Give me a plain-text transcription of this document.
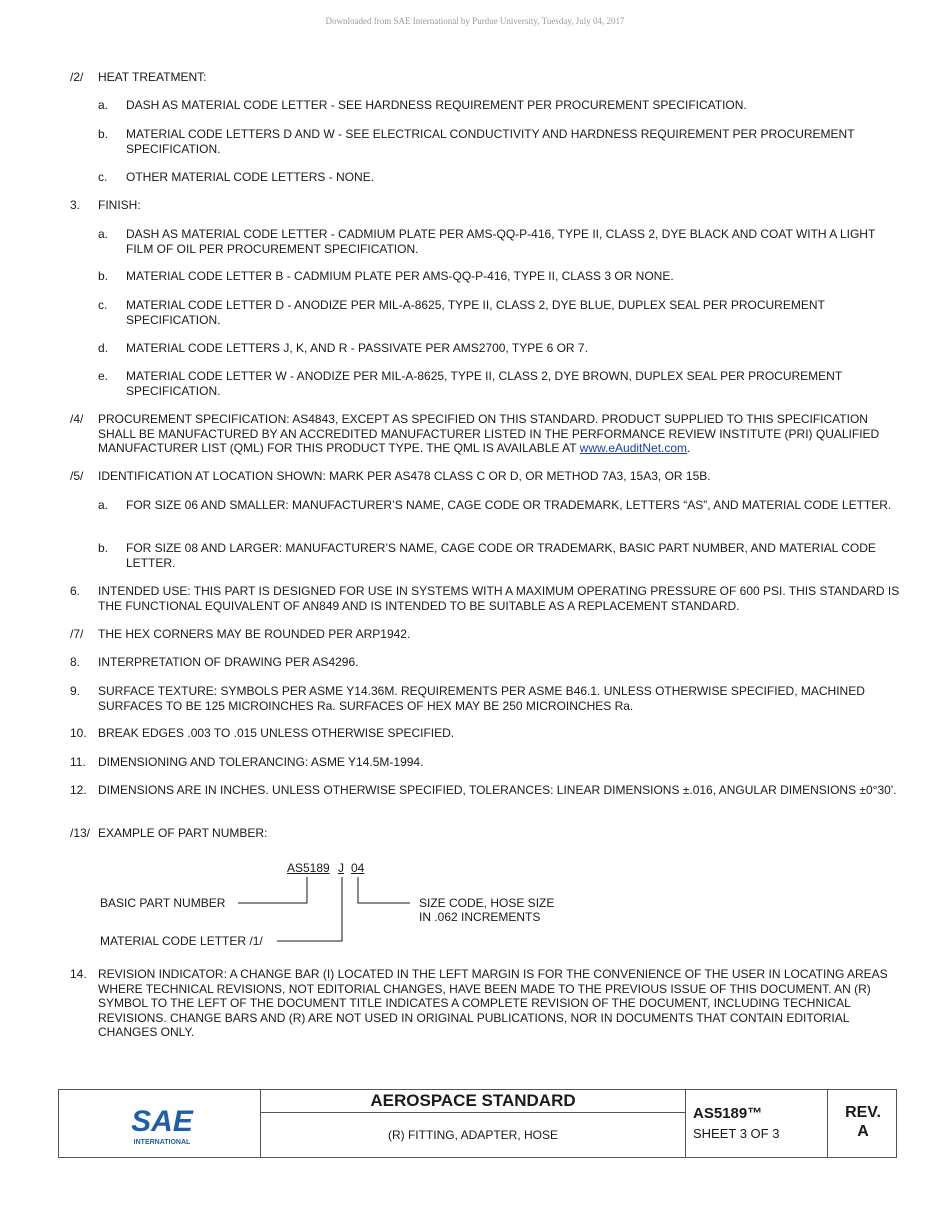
Downloaded from SAE International by Purdue University, Tuesday, July 04, 2017
/2/ HEAT TREATMENT:
a. DASH AS MATERIAL CODE LETTER - SEE HARDNESS REQUIREMENT PER PROCUREMENT SPECIFICATION.
b. MATERIAL CODE LETTERS D AND W - SEE ELECTRICAL CONDUCTIVITY AND HARDNESS REQUIREMENT PER PROCUREMENT SPECIFICATION.
c. OTHER MATERIAL CODE LETTERS - NONE.
3. FINISH:
a. DASH AS MATERIAL CODE LETTER - CADMIUM PLATE PER AMS-QQ-P-416, TYPE II, CLASS 2, DYE BLACK AND COAT WITH A LIGHT FILM OF OIL PER PROCUREMENT SPECIFICATION.
b. MATERIAL CODE LETTER B - CADMIUM PLATE PER AMS-QQ-P-416, TYPE II, CLASS 3 OR NONE.
c. MATERIAL CODE LETTER D - ANODIZE PER MIL-A-8625, TYPE II, CLASS 2, DYE BLUE, DUPLEX SEAL PER PROCUREMENT SPECIFICATION.
d. MATERIAL CODE LETTERS J, K, AND R - PASSIVATE PER AMS2700, TYPE 6 OR 7.
e. MATERIAL CODE LETTER W - ANODIZE PER MIL-A-8625, TYPE II, CLASS 2, DYE BROWN, DUPLEX SEAL PER PROCUREMENT SPECIFICATION.
/4/ PROCUREMENT SPECIFICATION: AS4843, EXCEPT AS SPECIFIED ON THIS STANDARD. PRODUCT SUPPLIED TO THIS SPECIFICATION SHALL BE MANUFACTURED BY AN ACCREDITED MANUFACTURER LISTED IN THE PERFORMANCE REVIEW INSTITUTE (PRI) QUALIFIED MANUFACTURER LIST (QML) FOR THIS PRODUCT TYPE. THE QML IS AVAILABLE AT www.eAuditNet.com.
/5/ IDENTIFICATION AT LOCATION SHOWN: MARK PER AS478 CLASS C OR D, OR METHOD 7A3, 15A3, OR 15B.
a. FOR SIZE 06 AND SMALLER: MANUFACTURER’S NAME, CAGE CODE OR TRADEMARK, LETTERS “AS”, AND MATERIAL CODE LETTER.
b. FOR SIZE 08 AND LARGER: MANUFACTURER’S NAME, CAGE CODE OR TRADEMARK, BASIC PART NUMBER, AND MATERIAL CODE LETTER.
6. INTENDED USE: THIS PART IS DESIGNED FOR USE IN SYSTEMS WITH A MAXIMUM OPERATING PRESSURE OF 600 PSI. THIS STANDARD IS THE FUNCTIONAL EQUIVALENT OF AN849 AND IS INTENDED TO BE SUITABLE AS A REPLACEMENT STANDARD.
/7/ THE HEX CORNERS MAY BE ROUNDED PER ARP1942.
8. INTERPRETATION OF DRAWING PER AS4296.
9. SURFACE TEXTURE: SYMBOLS PER ASME Y14.36M. REQUIREMENTS PER ASME B46.1. UNLESS OTHERWISE SPECIFIED, MACHINED SURFACES TO BE 125 MICROINCHES Ra. SURFACES OF HEX MAY BE 250 MICROINCHES Ra.
10. BREAK EDGES .003 TO .015 UNLESS OTHERWISE SPECIFIED.
11. DIMENSIONING AND TOLERANCING: ASME Y14.5M-1994.
12. DIMENSIONS ARE IN INCHES. UNLESS OTHERWISE SPECIFIED, TOLERANCES: LINEAR DIMENSIONS ±.016, ANGULAR DIMENSIONS ±0°30'.
/13/ EXAMPLE OF PART NUMBER:
AS5189 J 04
BASIC PART NUMBER	SIZE CODE, HOSE SIZE
IN .062 INCREMENTS
MATERIAL CODE LETTER /1/
14. REVISION INDICATOR: A CHANGE BAR (I) LOCATED IN THE LEFT MARGIN IS FOR THE CONVENIENCE OF THE USER IN LOCATING AREAS WHERE TECHNICAL REVISIONS, NOT EDITORIAL CHANGES, HAVE BEEN MADE TO THE PREVIOUS ISSUE OF THIS DOCUMENT. AN (R) SYMBOL TO THE LEFT OF THE DOCUMENT TITLE INDICATES A COMPLETE REVISION OF THE DOCUMENT, INCLUDING TECHNICAL REVISIONS. CHANGE BARS AND (R) ARE NOT USED IN ORIGINAL PUBLICATIONS, NOR IN DOCUMENTS THAT CONTAIN EDITORIAL CHANGES ONLY.
SAE
INTERNATIONAL
AEROSPACE STANDARD
(R) FITTING, ADAPTER, HOSE
AS5189™
SHEET 3 OF 3
REV.
A
